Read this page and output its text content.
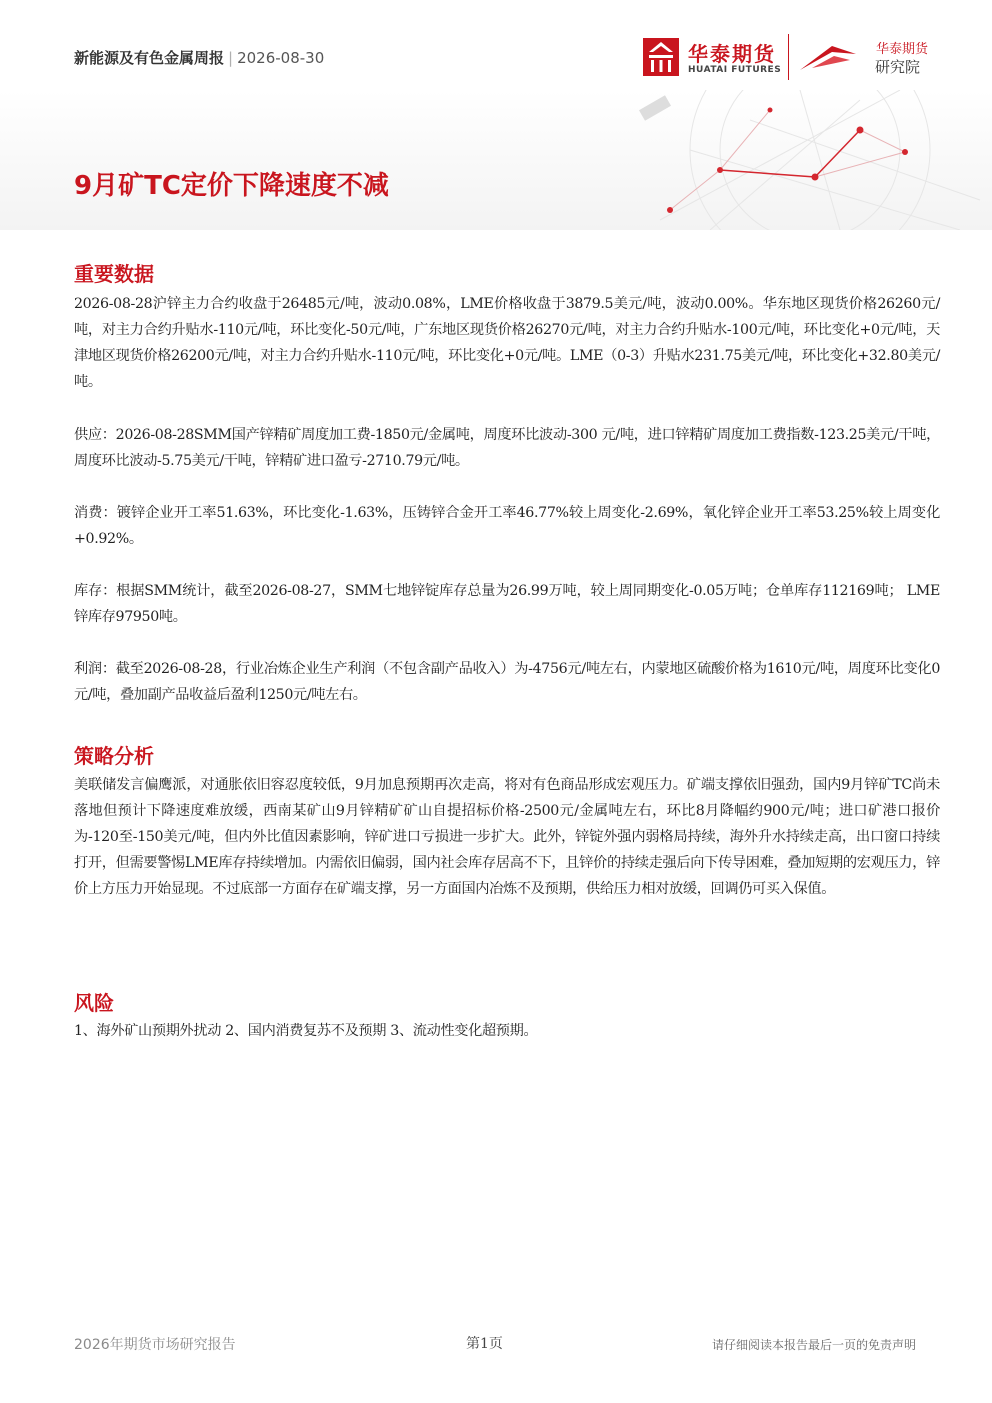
新能源及有色金属周报 | 2026-08-30	华泰期货
HUATAI FUTURES
华泰期货
研究院
9月矿TC定价下降速度不减
重要数据

2026-08-28沪锌主力合约收盘于26485元/吨，波动0.08%，LME价格收盘于3879.5美元/吨，波动0.00%。华东地区现货价格26260元/吨，对主力合约升贴水-110元/吨，环比变化-50元/吨，广东地区现货价格26270元/吨，对主力合约升贴水-100元/吨，环比变化+0元/吨，天津地区现货价格26200元/吨，对主力合约升贴水-110元/吨，环比变化+0元/吨。LME（0-3）升贴水231.75美元/吨，环比变化+32.80美元/吨。

供应：2026-08-28SMM国产锌精矿周度加工费-1850元/金属吨，周度环比波动-300 元/吨，进口锌精矿周度加工费指数-123.25美元/干吨，周度环比波动-5.75美元/干吨，锌精矿进口盈亏-2710.79元/吨。

消费：镀锌企业开工率51.63%，环比变化-1.63%，压铸锌合金开工率46.77%较上周变化-2.69%，氧化锌企业开工率53.25%较上周变化+0.92%。

库存：根据SMM统计，截至2026-08-27，SMM七地锌锭库存总量为26.99万吨，较上周同期变化-0.05万吨；仓单库存112169吨； LME锌库存97950吨。

利润：截至2026-08-28，行业冶炼企业生产利润（不包含副产品收入）为-4756元/吨左右，内蒙地区硫酸价格为1610元/吨，周度环比变化0元/吨，叠加副产品收益后盈利1250元/吨左右。

策略分析

美联储发言偏鹰派，对通胀依旧容忍度较低，9月加息预期再次走高，将对有色商品形成宏观压力。矿端支撑依旧强劲，国内9月锌矿TC尚未落地但预计下降速度难放缓，西南某矿山9月锌精矿矿山自提招标价格-2500元/金属吨左右，环比8月降幅约900元/吨；进口矿港口报价为-120至-150美元/吨，但内外比值因素影响，锌矿进口亏损进一步扩大。此外，锌锭外强内弱格局持续，海外升水持续走高，出口窗口持续打开，但需要警惕LME库存持续增加。内需依旧偏弱，国内社会库存居高不下，且锌价的持续走强后向下传导困难，叠加短期的宏观压力，锌价上方压力开始显现。不过底部一方面存在矿端支撑，另一方面国内冶炼不及预期，供给压力相对放缓，回调仍可买入保值。

风险

1、海外矿山预期外扰动 2、国内消费复苏不及预期 3、流动性变化超预期。

2026年期货市场研究报告	第1页	请仔细阅读本报告最后一页的免责声明
